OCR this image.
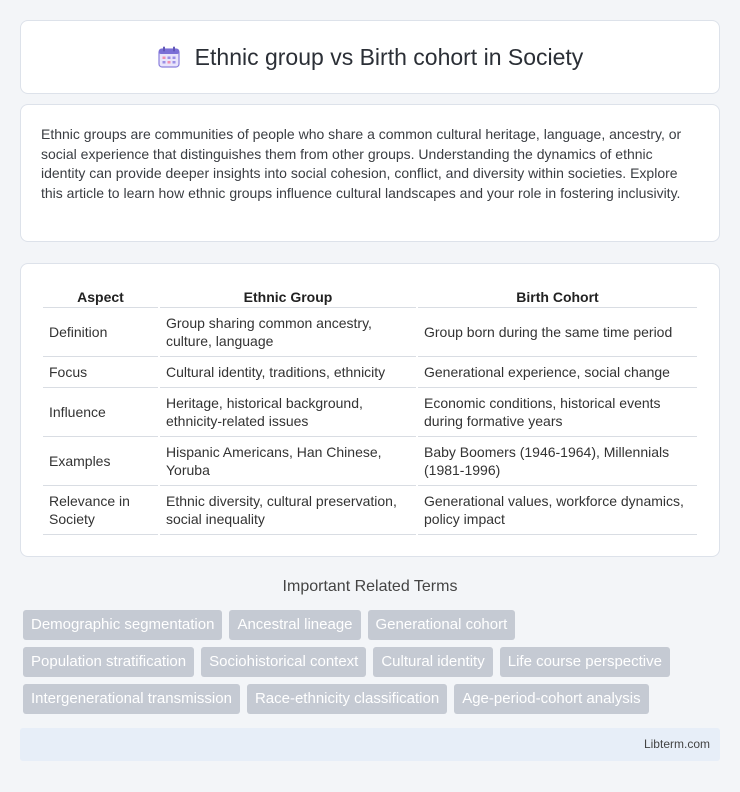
Ethnic group vs Birth cohort in Society

Ethnic groups are communities of people who share a common cultural heritage, language, ancestry, or social experience that distinguishes them from other groups. Understanding the dynamics of ethnic identity can provide deeper insights into social cohesion, conflict, and diversity within societies. Explore this article to learn how ethnic groups influence cultural landscapes and your role in fostering inclusivity.

Aspect	Ethnic Group	Birth Cohort
Definition	Group sharing common ancestry, culture, language	Group born during the same time period
Focus	Cultural identity, traditions, ethnicity	Generational experience, social change
Influence	Heritage, historical background, ethnicity-related issues	Economic conditions, historical events during formative years
Examples	Hispanic Americans, Han Chinese, Yoruba	Baby Boomers (1946-1964), Millennials (1981-1996)
Relevance in Society	Ethnic diversity, cultural preservation, social inequality	Generational values, workforce dynamics, policy impact
Important Related Terms
Demographic segmentation	Ancestral lineage	Generational cohort
Population stratification	Sociohistorical context	Cultural identity	Life course perspective
Intergenerational transmission	Race-ethnicity classification	Age-period-cohort analysis
Libterm.com
